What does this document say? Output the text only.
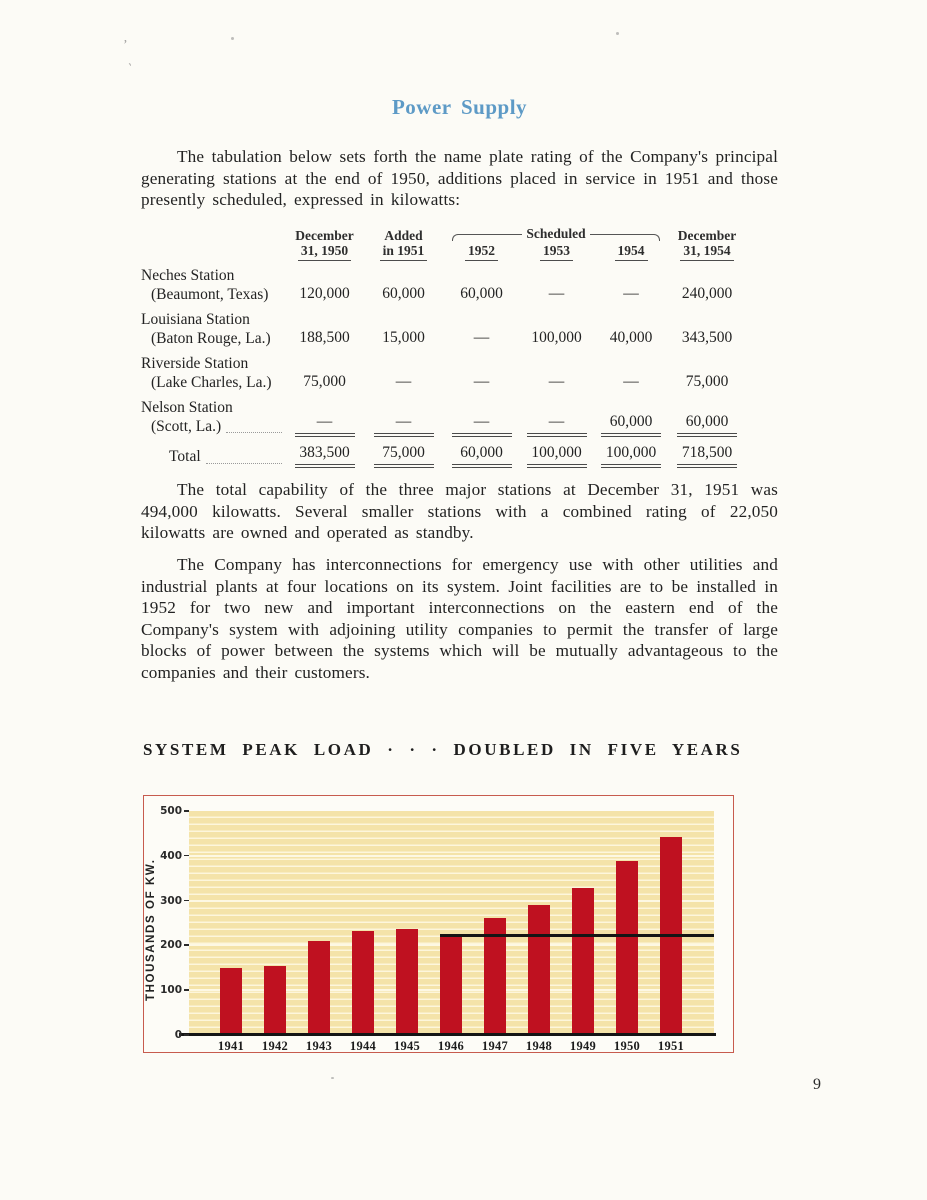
’
`
Power Supply

The tabulation below sets forth the name plate rating of the Company's principal generating stations at the end of 1950, additions placed in service in 1951 and those presently scheduled, expressed in kilowatts:

December	Added	Scheduled	December
31, 1950	in 1951	1952	1953	1954	31, 1954
Neches Station
(Beaumont, Texas)	120,000	60,000	60,000	—	—	240,000
Louisiana Station
(Baton Rouge, La.)	188,500	15,000	—	100,000	40,000	343,500
Riverside Station
(Lake Charles, La.)	75,000	—	—	—	—	75,000
Nelson Station
(Scott, La.)	—	—	—	—	60,000	60,000
Total	383,500	75,000	60,000	100,000	100,000	718,500

The total capability of the three major stations at December 31, 1951 was 494,000 kilowatts. Several smaller stations with a combined rating of 22,050 kilowatts are owned and operated as standby.

The Company has interconnections for emergency use with other utilities and industrial plants at four locations on its system. Joint facilities are to be installed in 1952 for two new and important interconnections on the eastern end of the Company's system with adjoining utility companies to permit the transfer of large blocks of power between the systems which will be mutually advantageous to the companies and their customers.

SYSTEM PEAK LOAD · · · DOUBLED IN FIVE YEARS
THOUSANDS OF KW.
0
100
200
300
400
500
1941	1942	1943	1944	1945	1946	1947	1948	1949	1950	1951
9
